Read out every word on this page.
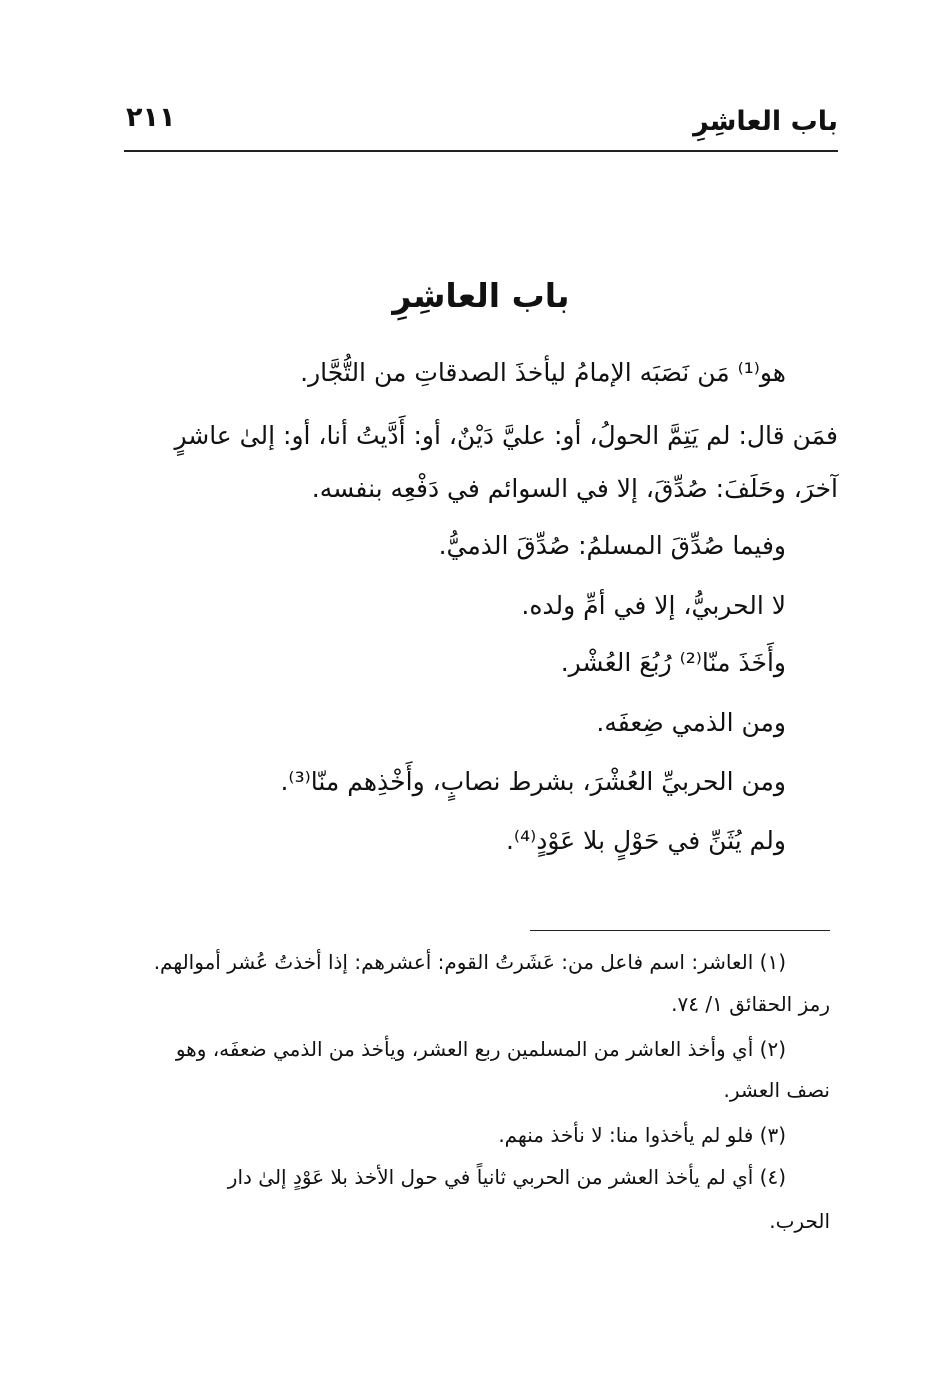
باب العاشِرِ
٢١١
باب العاشِرِ
هو⁽¹⁾ مَن نَصَبَه الإمامُ ليأخذَ الصدقاتِ من التُّجَّار.
فمَن قال: لم يَتِمَّ الحولُ، أو: عليَّ دَيْنٌ، أو: أَدَّيتُ أنا، أو: إلىٰ عاشرٍ
آخرَ، وحَلَفَ: صُدِّقَ، إلا في السوائم في دَفْعِه بنفسه.
وفيما صُدِّقَ المسلمُ: صُدِّقَ الذميُّ.
لا الحربيُّ، إلا في أمِّ ولده.
وأَخَذَ منّا⁽²⁾ رُبُعَ العُشْر.
ومن الذمي ضِعفَه.
ومن الحربيِّ العُشْرَ، بشرط نصابٍ، وأَخْذِهم منّا⁽³⁾.
ولم يُثَنِّ في حَوْلٍ بلا عَوْدٍ⁽⁴⁾.
(١) العاشر: اسم فاعل من: عَشَرتُ القوم: أعشرهم: إذا أخذتُ عُشر أموالهم.
رمز الحقائق ١/ ٧٤.
(٢) أي وأخذ العاشر من المسلمين ربع العشر، ويأخذ من الذمي ضعفَه، وهو
نصف العشر.
(٣) فلو لم يأخذوا منا: لا نأخذ منهم.
(٤) أي لم يأخذ العشر من الحربي ثانياً في حول الأخذ بلا عَوْدٍ إلىٰ دار
الحرب.
